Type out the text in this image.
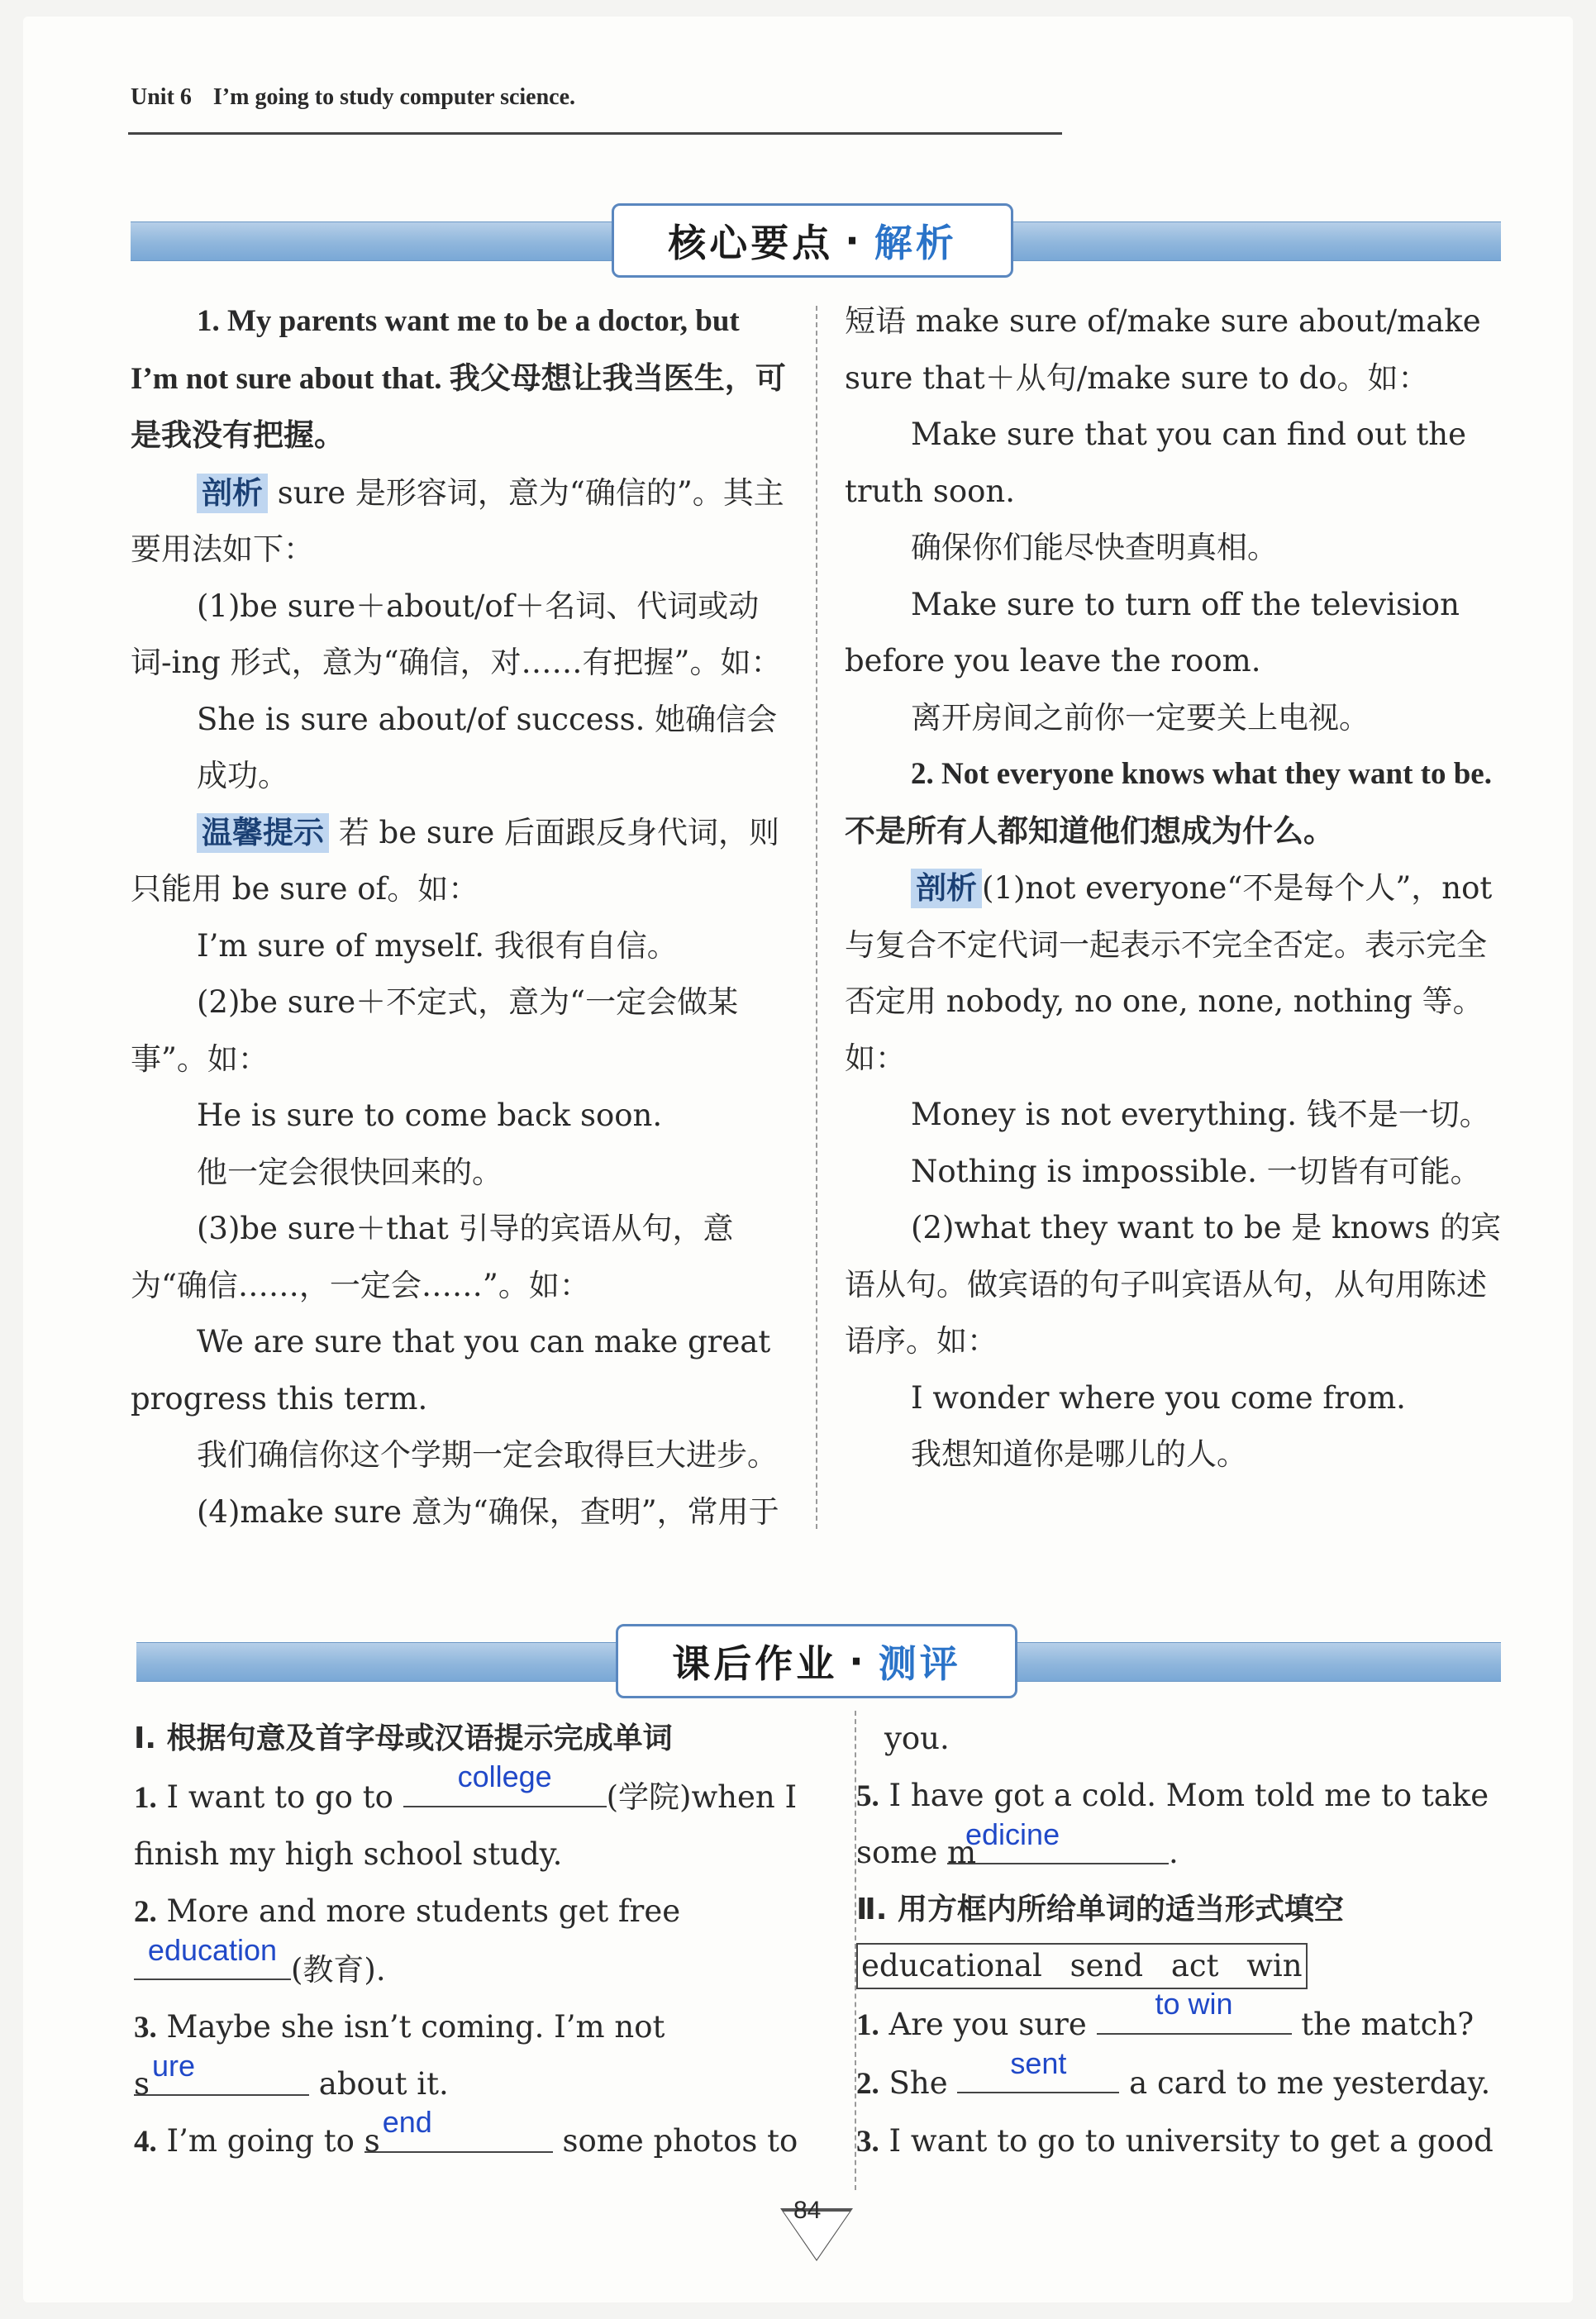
Unit 6 I’m going to study computer science.
核心要点 · 解析

1. My parents want me to be a doctor, but I’m not sure about that. 我父母想让我当医生，可是我没有把握。

剖析 sure 是形容词，意为“确信的”。其主要用法如下：

(1)be sure＋about/of＋名词、代词或动词-ing 形式，意为“确信，对……有把握”。如：

She is sure about/of success. 她确信会成功。

温馨提示 若 be sure 后面跟反身代词，则只能用 be sure of。如：

I’m sure of myself. 我很有自信。

(2)be sure＋不定式，意为“一定会做某事”。如：

He is sure to come back soon.

他一定会很快回来的。

(3)be sure＋that 引导的宾语从句，意为“确信……，一定会……”。如：

We are sure that you can make great progress this term.

我们确信你这个学期一定会取得巨大进步。

(4)make sure 意为“确保，查明”，常用于

短语 make sure of/make sure about/make sure that＋从句/make sure to do。如：

Make sure that you can find out the truth soon.

确保你们能尽快查明真相。

Make sure to turn off the television before you leave the room.

离开房间之前你一定要关上电视。

2. Not everyone knows what they want to be. 不是所有人都知道他们想成为什么。

剖析 (1)not everyone“不是每个人”，not 与复合不定代词一起表示不完全否定。表示完全否定用 nobody, no one, none, nothing 等。如：

Money is not everything. 钱不是一切。

Nothing is impossible. 一切皆有可能。

(2)what they want to be 是 knows 的宾语从句。做宾语的句子叫宾语从句，从句用陈述语序。如：

I wonder where you come from.

我想知道你是哪儿的人。

课后作业 · 测评

Ⅰ. 根据句意及首字母或汉语提示完成单词

1. I want to go to
college
(学院)when I finish my high school study.

2. More and more students get free
education
(教育).

3. Maybe she isn’t coming. I’m not s
ure
about it.

4. I’m going to s
end
some photos to

you.

5. I have got a cold. Mom told me to take some m
edicine
.

Ⅱ. 用方框内所给单词的适当形式填空

educational send act win

1. Are you sure
to win
the match?

2. She
sent
a card to me yesterday.

3. I want to go to university to get a good

84
